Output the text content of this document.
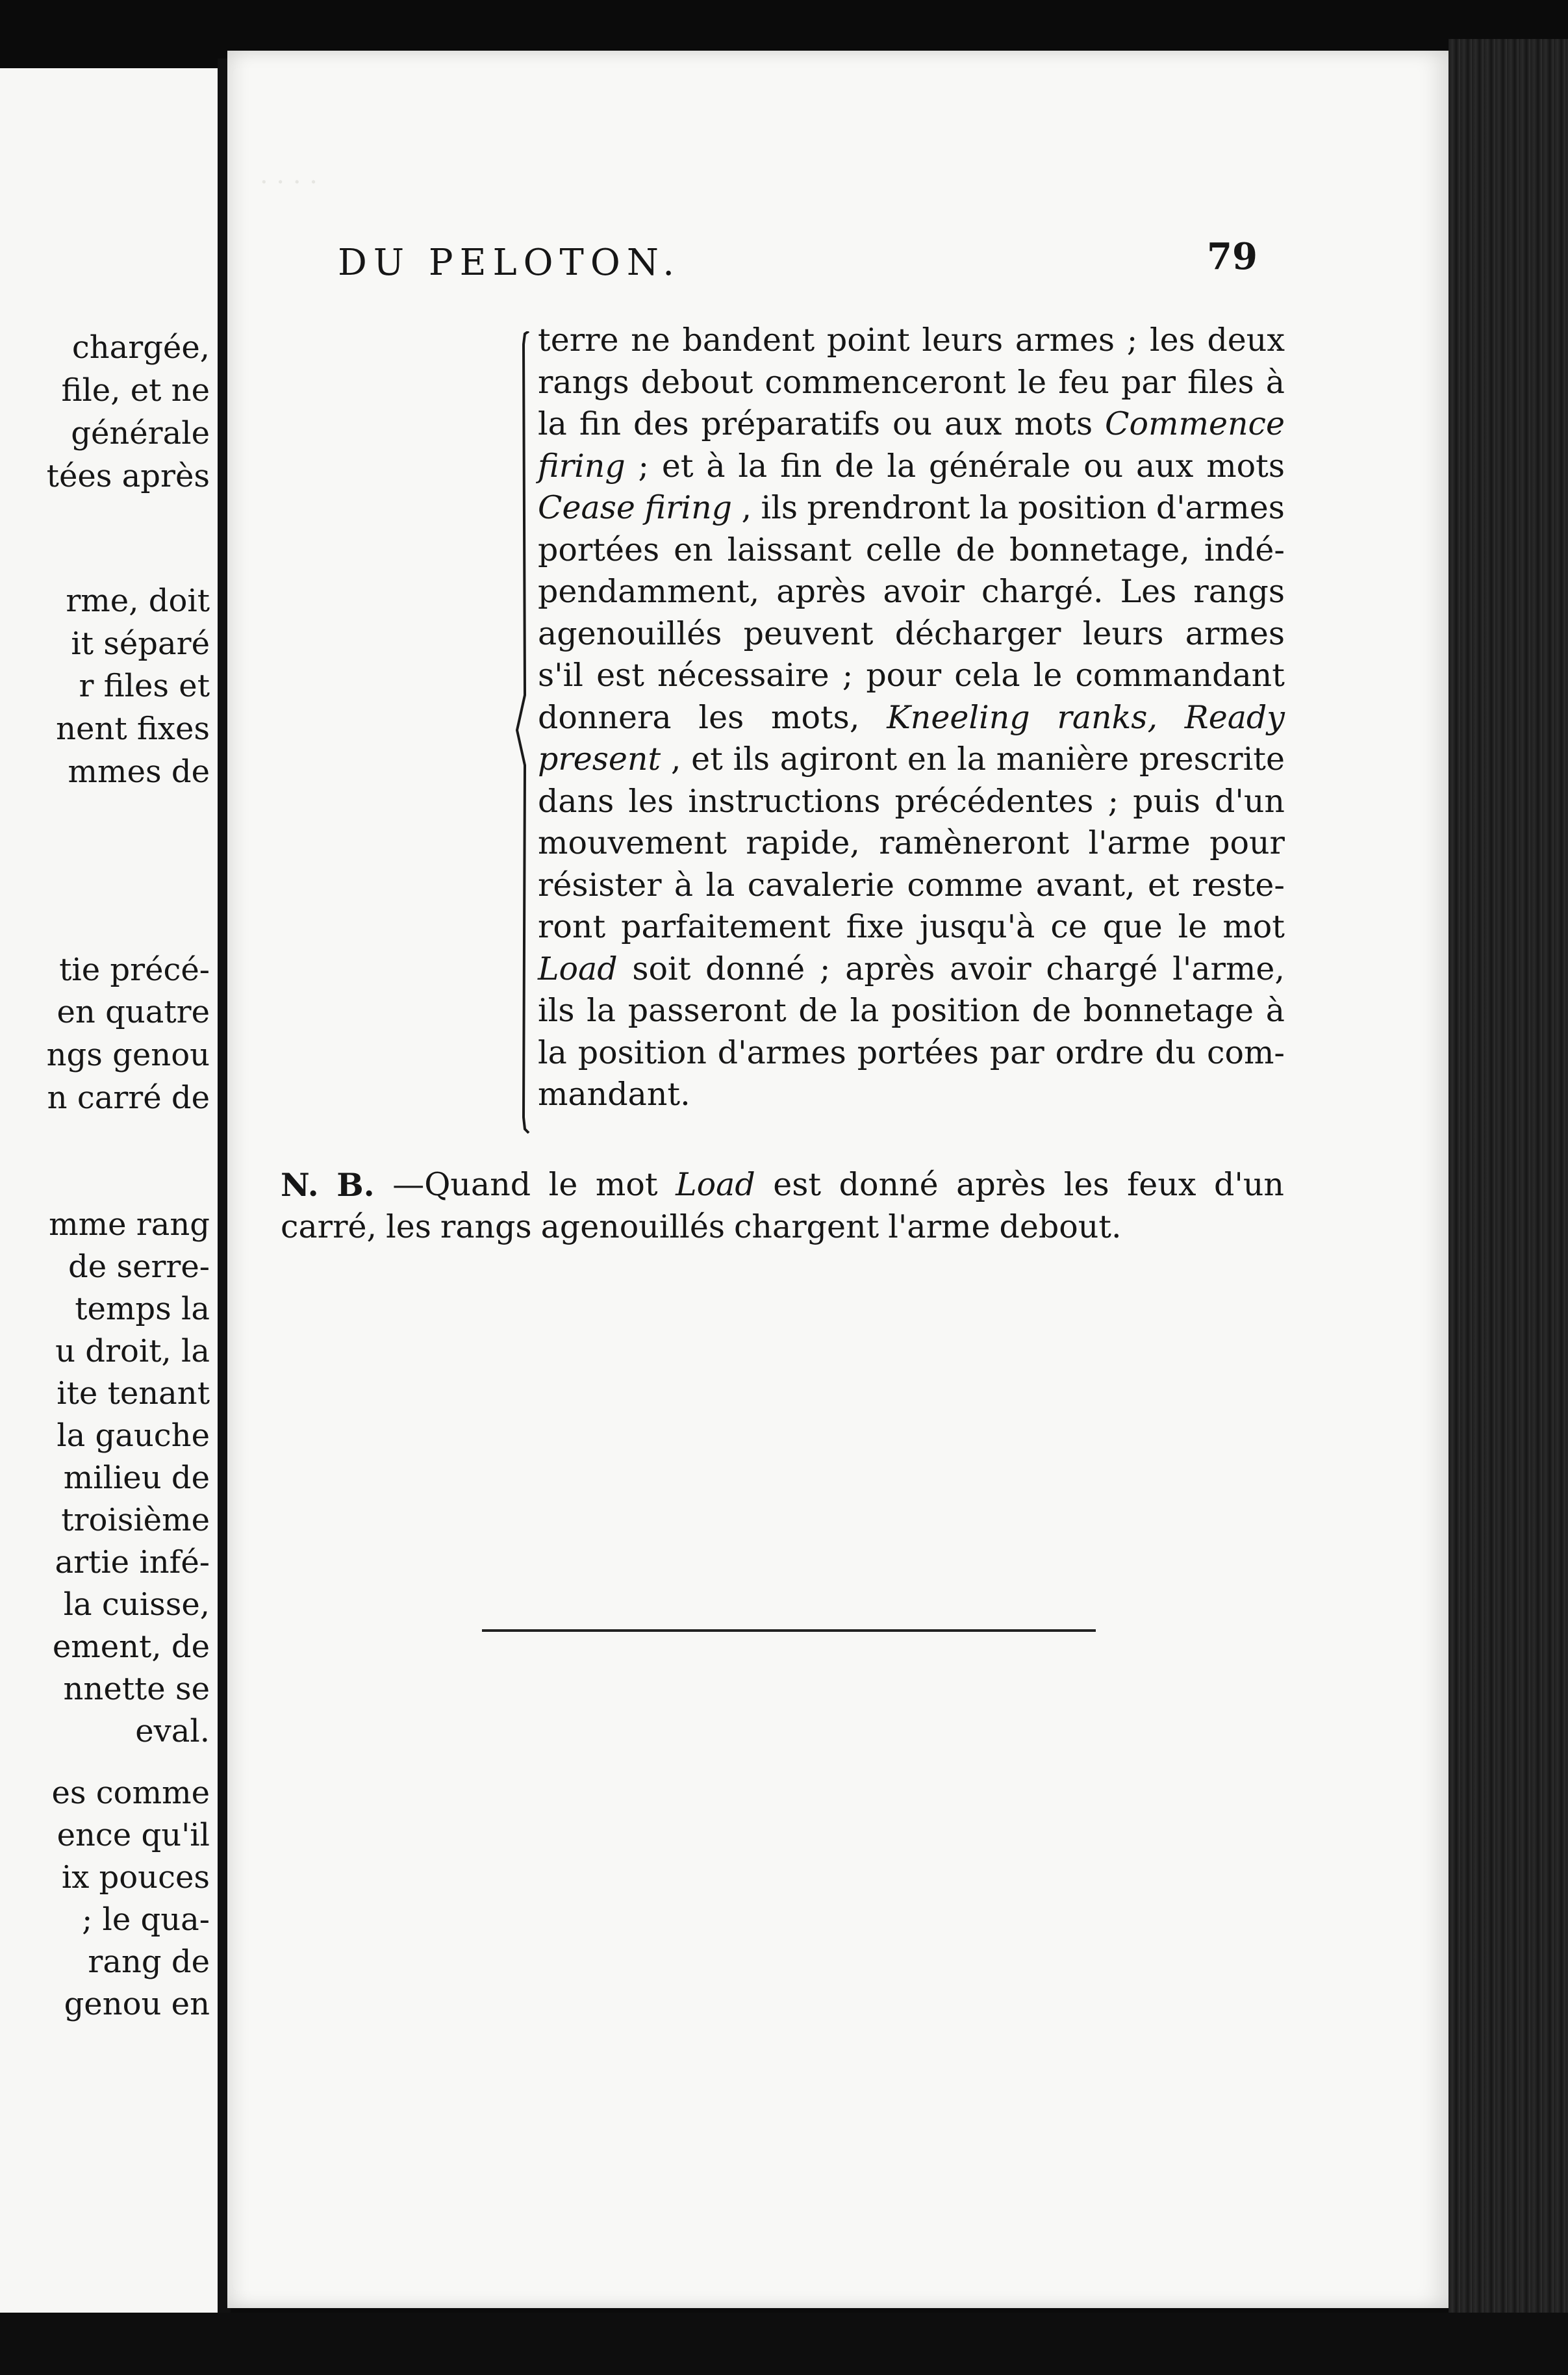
chargée,
file, et ne
générale
tées après
rme, doit
it séparé
r files et
nent fixes
mmes de
tie précé-
en quatre
ngs genou
n carré de
mme rang
de serre-
temps la
u droit, la
ite tenant
la gauche
milieu de
troisième
artie infé-
la cuisse,
ement, de
nnette se
eval.
es comme
ence qu'il
ix pouces
; le qua-
rang de
genou en
· · · ·
DU PELOTON.	79
terre ne bandent point leurs armes ; les deux
rangs debout commenceront le feu par files à
la fin des préparatifs ou aux mots Commence
firing ; et à la fin de la générale ou aux mots
Cease firing , ils prendront la position d'armes
portées en laissant celle de bonnetage, indé-
pendamment, après avoir chargé. Les rangs
agenouillés peuvent décharger leurs armes
s'il est nécessaire ; pour cela le commandant
donnera les mots, Kneeling ranks, Ready
present , et ils agiront en la manière prescrite
dans les instructions précédentes ; puis d'un
mouvement rapide, ramèneront l'arme pour
résister à la cavalerie comme avant, et reste-
ront parfaitement fixe jusqu'à ce que le mot
Load soit donné ; après avoir chargé l'arme,
ils la passeront de la position de bonnetage à
la position d'armes portées par ordre du com-
mandant.
N. B. —Quand le mot Load est donné après les feux d'un
carré, les rangs agenouillés chargent l'arme debout.
